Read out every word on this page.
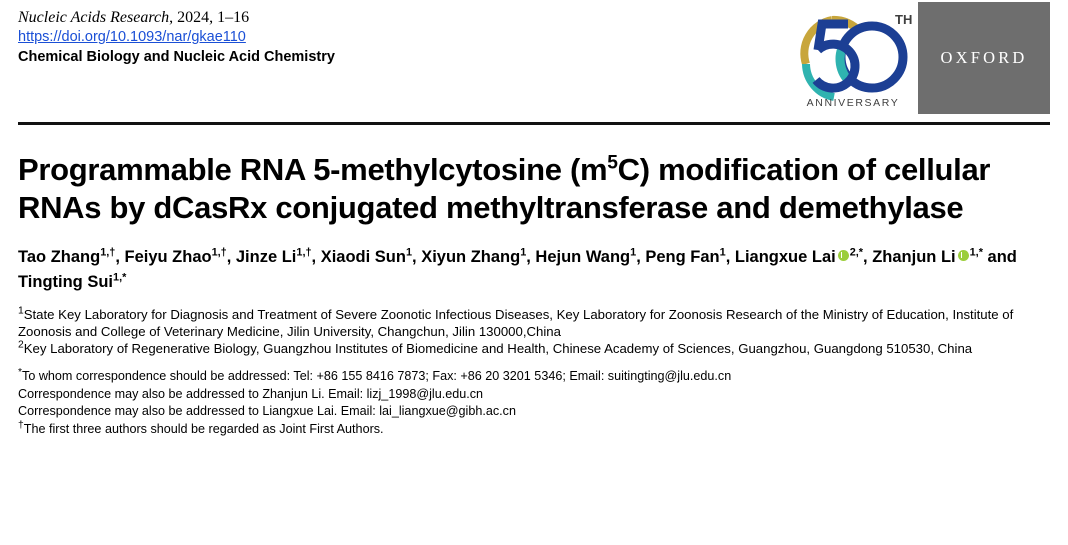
Nucleic Acids Research, 2024, 1–16
https://doi.org/10.1093/nar/gkae110
Chemical Biology and Nucleic Acid Chemistry
TH
ANNIVERSARY
OXFORD
Programmable RNA 5-methylcytosine $(m^5C)$ modification of cellular RNAs by dCasRx conjugated methyltransferase and demethylase
Tao Zhang$^{1,\dagger}$, Feiyu Zhao$^{1,\dagger}$, Jinze $Li^{1,\dagger}$, Xiaodi Sun$^1$, Xiyun Zhang$^1$, Hejun Wang$^1$, Peng Fan$^1$, Liangxue Lai $^{2,*}$, Zhanjun Li $^{1,*}$ and Tingting Sui$^{1,*}$
$^1$State Key Laboratory for Diagnosis and Treatment of Severe Zoonotic Infectious Diseases, Key Laboratory for Zoonosis Research of the Ministry of Education, Institute of Zoonosis and College of Veterinary Medicine, Jilin University, Changchun, Jilin 130000,China
$^2$Key Laboratory of Regenerative Biology, Guangzhou Institutes of Biomedicine and Health, Chinese Academy of Sciences, Guangzhou, Guangdong 510530, China
*To whom correspondence should be addressed: Tel: +86 155 8416 7873; Fax: +86 20 3201 5346; Email: suitingting@jlu.edu.cn
Correspondence may also be addressed to Zhanjun Li. Email: lizj_1998@jlu.edu.cn
Correspondence may also be addressed to Liangxue Lai. Email: lai_liangxue@gibh.ac.cn
†The first three authors should be regarded as Joint First Authors.
